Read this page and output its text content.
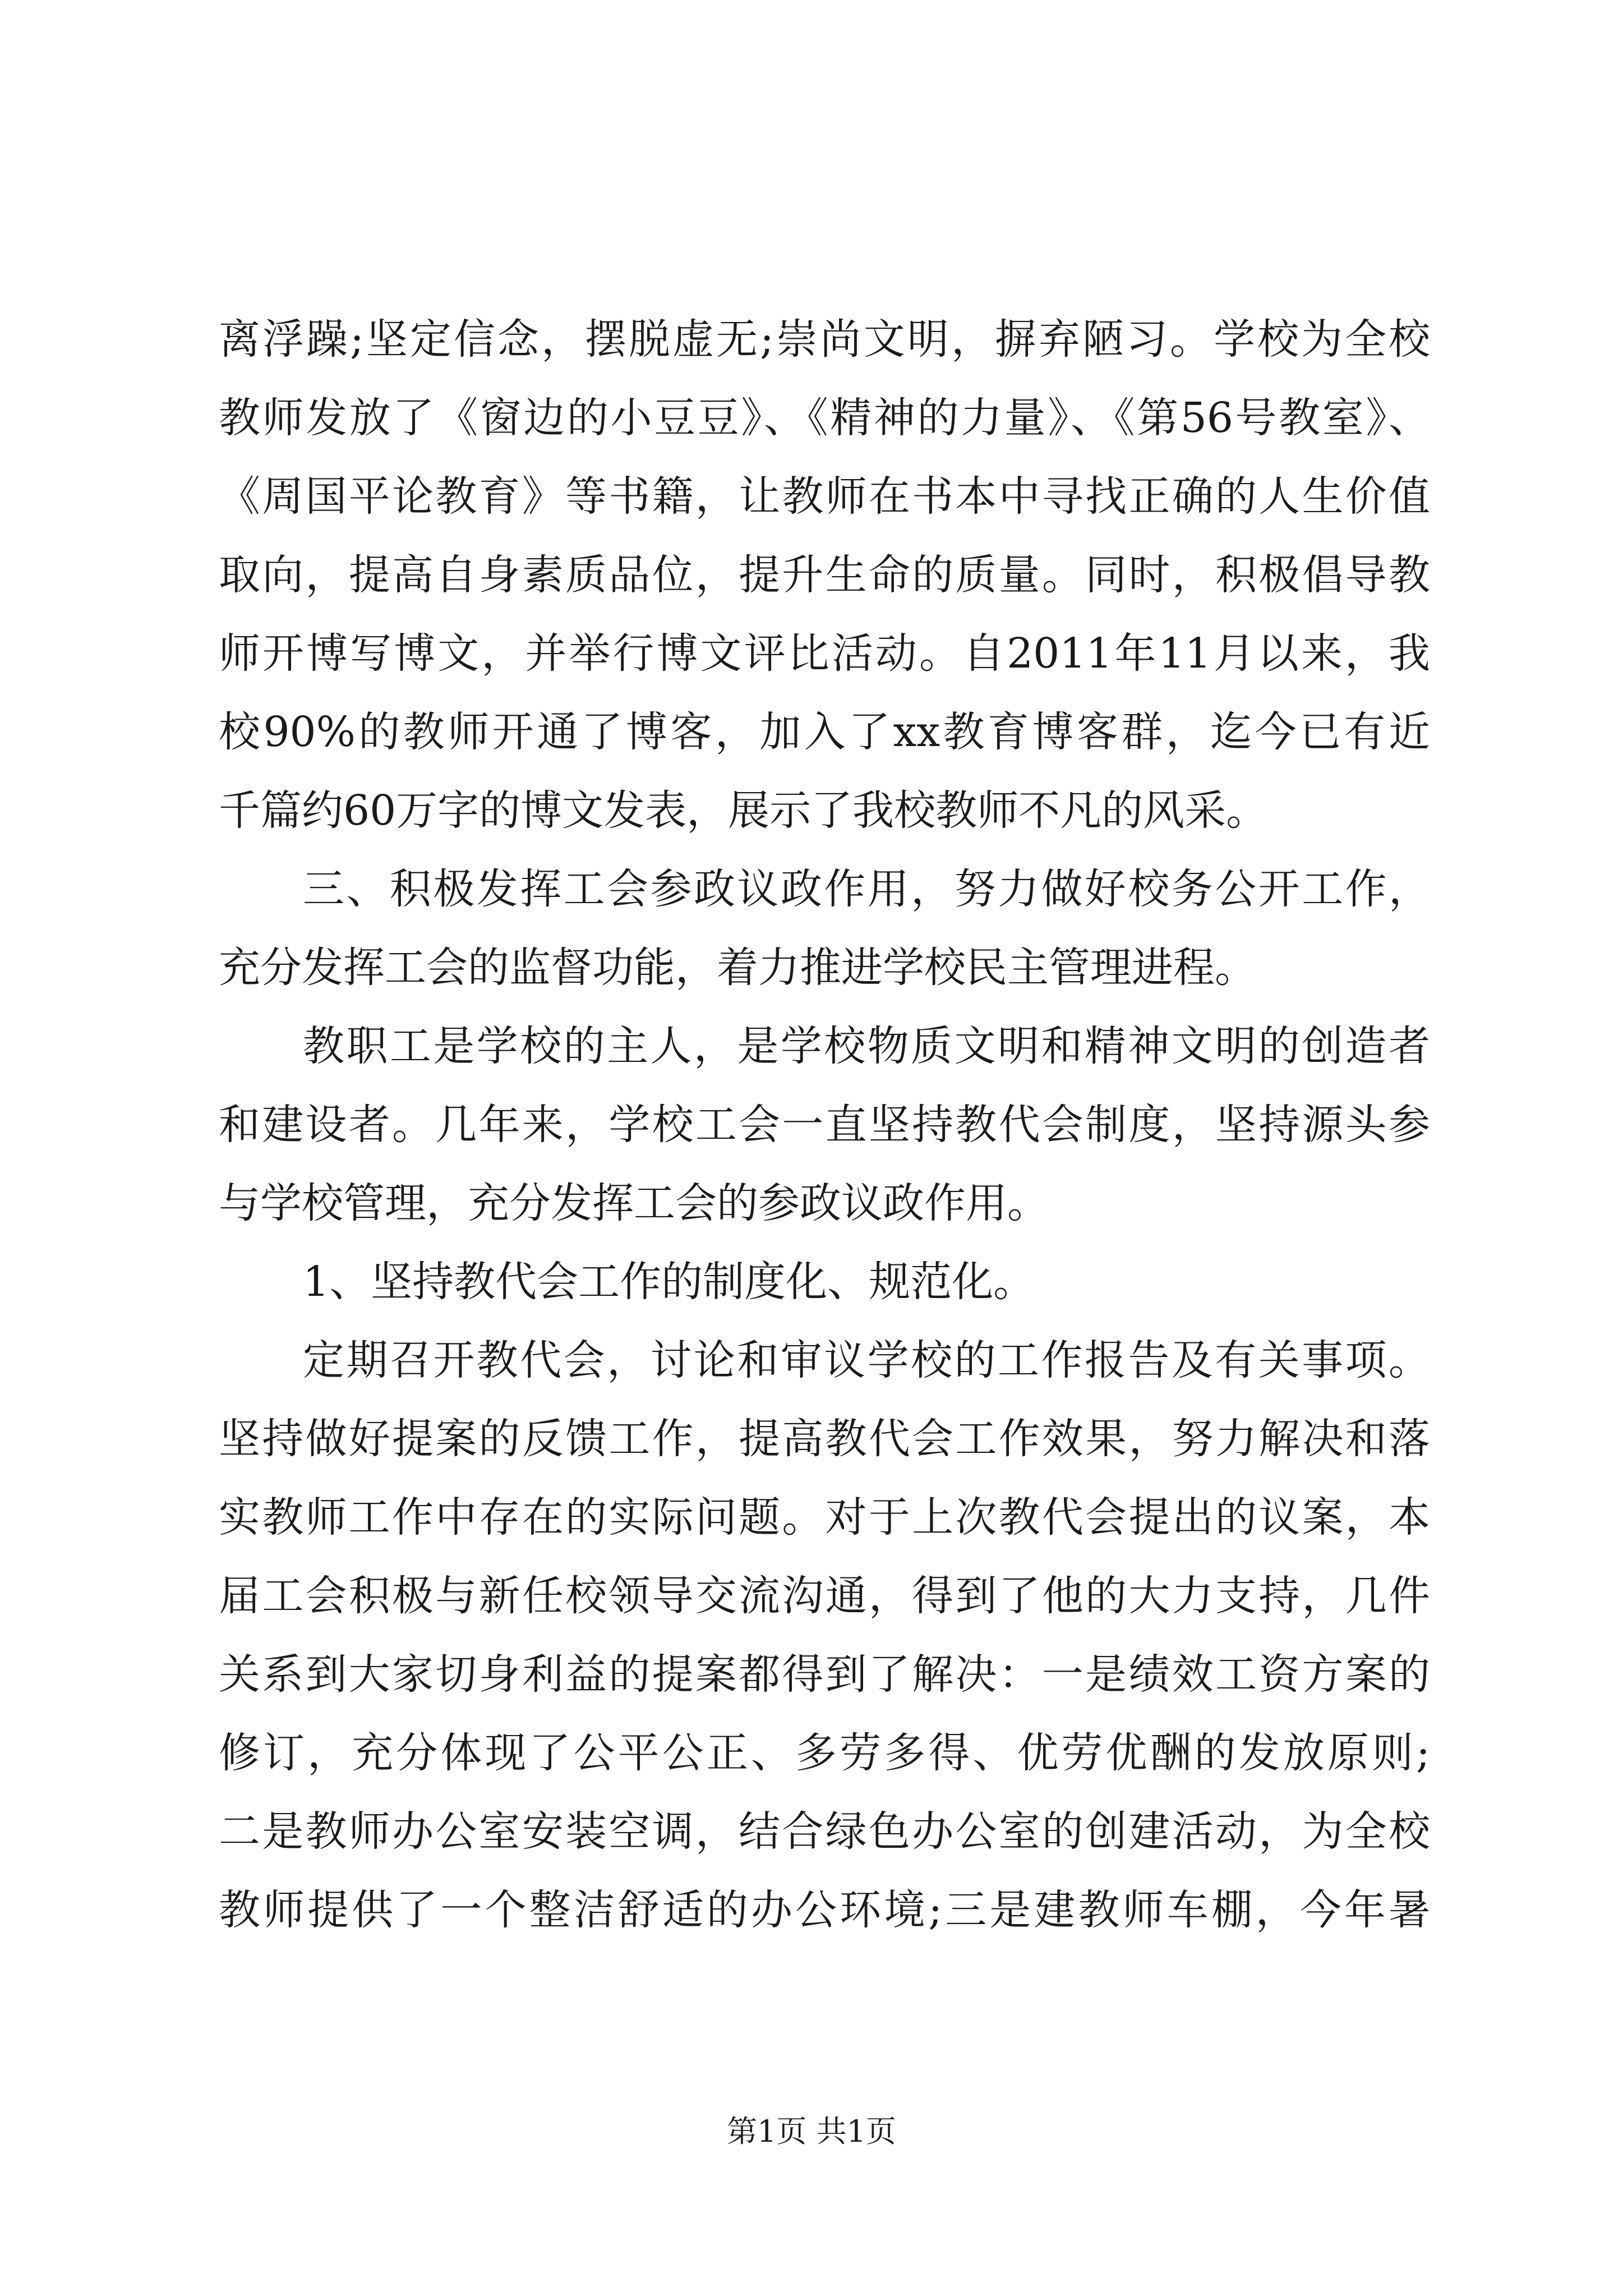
离浮躁;坚定信念，摆脱虚无;崇尚文明，摒弃陋习。学校为全校
教师发放了《窗边的小豆豆》、《精神的力量》、《第56号教室》、
《周国平论教育》等书籍，让教师在书本中寻找正确的人生价值
取向，提高自身素质品位，提升生命的质量。同时，积极倡导教
师开博写博文，并举行博文评比活动。自2011年11月以来，我
校90%的教师开通了博客，加入了xx教育博客群，迄今已有近
千篇约60万字的博文发表，展示了我校教师不凡的风采。
三、积极发挥工会参政议政作用，努力做好校务公开工作，
充分发挥工会的监督功能，着力推进学校民主管理进程。
教职工是学校的主人，是学校物质文明和精神文明的创造者
和建设者。几年来，学校工会一直坚持教代会制度，坚持源头参
与学校管理，充分发挥工会的参政议政作用。
1、坚持教代会工作的制度化、规范化。
定期召开教代会，讨论和审议学校的工作报告及有关事项。
坚持做好提案的反馈工作，提高教代会工作效果，努力解决和落
实教师工作中存在的实际问题。对于上次教代会提出的议案，本
届工会积极与新任校领导交流沟通，得到了他的大力支持，几件
关系到大家切身利益的提案都得到了解决：一是绩效工资方案的
修订，充分体现了公平公正、多劳多得、优劳优酬的发放原则;
二是教师办公室安装空调，结合绿色办公室的创建活动，为全校
教师提供了一个整洁舒适的办公环境;三是建教师车棚，今年暑
第1页 共1页
